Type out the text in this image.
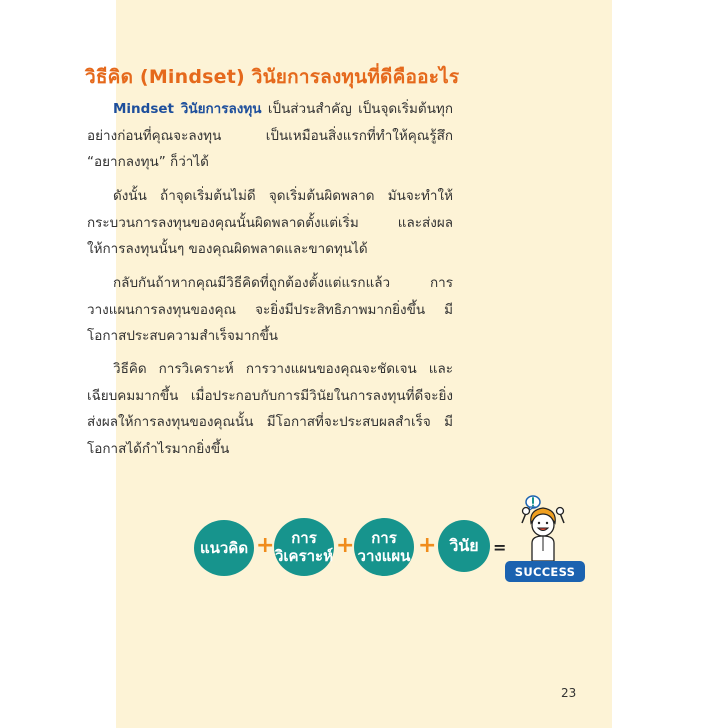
วิธีคิด (Mindset) วินัยการลงทุนที่ดีคืออะไร
Mindset วินัยการลงทุน เป็นส่วนสำคัญ เป็นจุดเริ่มต้นทุกอย่างก่อนที่คุณจะลงทุน เป็นเหมือนสิ่งแรกที่ทำให้คุณรู้สึก “อยากลงทุน” ก็ว่าได้
ดังนั้น ถ้าจุดเริ่มต้นไม่ดี จุดเริ่มต้นผิดพลาด มันจะทำให้กระบวนการลงทุนของคุณนั้นผิดพลาดตั้งแต่เริ่ม และส่งผลให้การลงทุนนั้นๆ ของคุณผิดพลาดและขาดทุนได้
กลับกันถ้าหากคุณมีวิธีคิดที่ถูกต้องตั้งแต่แรกแล้ว การวางแผนการลงทุนของคุณ จะยิ่งมีประสิทธิภาพมากยิ่งขึ้น มีโอกาสประสบความสำเร็จมากขึ้น
วิธีคิด การวิเคราะห์ การวางแผนของคุณจะชัดเจน และเฉียบคมมากขึ้น เมื่อประกอบกับการมีวินัยในการลงทุนที่ดีจะยิ่งส่งผลให้การลงทุนของคุณนั้น มีโอกาสที่จะประสบผลสำเร็จ มีโอกาสได้กำไรมากยิ่งขึ้น
แนวคิด + การ
วิเคราะห์ + การ
วางแผน + วินัย =
SUCCESS
23
